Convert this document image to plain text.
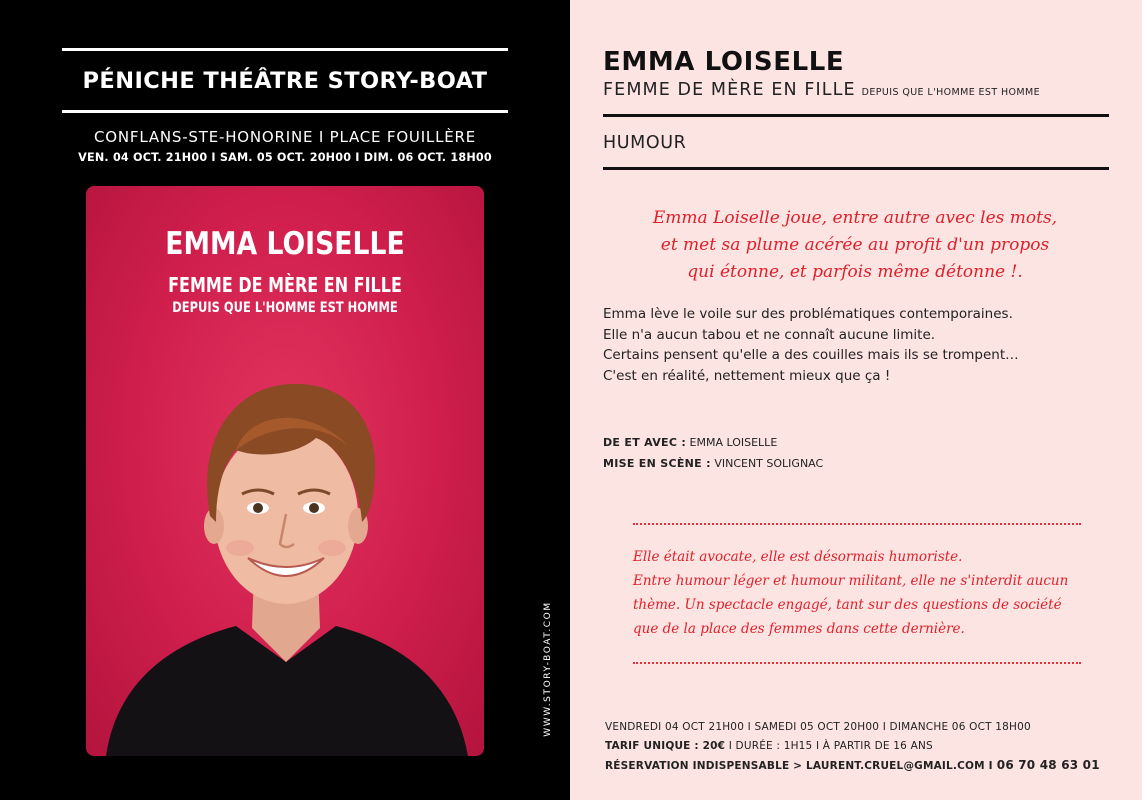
PÉNICHE THÉÂTRE STORY-BOAT
CONFLANS-STE-HONORINE I PLACE FOUILLÈRE
VEN. 04 OCT. 21H00 I SAM. 05 OCT. 20H00 I DIM. 06 OCT. 18H00
EMMA LOISELLE
FEMME DE MÈRE EN FILLE
DEPUIS QUE L'HOMME EST HOMME
WWW.STORY-BOAT.COM
EMMA LOISELLE
FEMME DE MÈRE EN FILLE DEPUIS QUE L'HOMME EST HOMME
HUMOUR
Emma Loiselle joue, entre autre avec les mots,
et met sa plume acérée au profit d'un propos
qui étonne, et parfois même détonne !.
Emma lève le voile sur des problématiques contemporaines.
Elle n'a aucun tabou et ne connaît aucune limite.
Certains pensent qu'elle a des couilles mais ils se trompent…
C'est en réalité, nettement mieux que ça !
DE ET AVEC : EMMA LOISELLE
MISE EN SCÈNE : VINCENT SOLIGNAC
Elle était avocate, elle est désormais humoriste.
Entre humour léger et humour militant, elle ne s'interdit aucun
thème. Un spectacle engagé, tant sur des questions de société
que de la place des femmes dans cette dernière.
VENDREDI 04 OCT 21H00 I SAMEDI 05 OCT 20H00 I DIMANCHE 06 OCT 18H00
TARIF UNIQUE : 20€ I DURÉE : 1H15 I À PARTIR DE 16 ANS
RÉSERVATION INDISPENSABLE > LAURENT.CRUEL@GMAIL.COM I 06 70 48 63 01
